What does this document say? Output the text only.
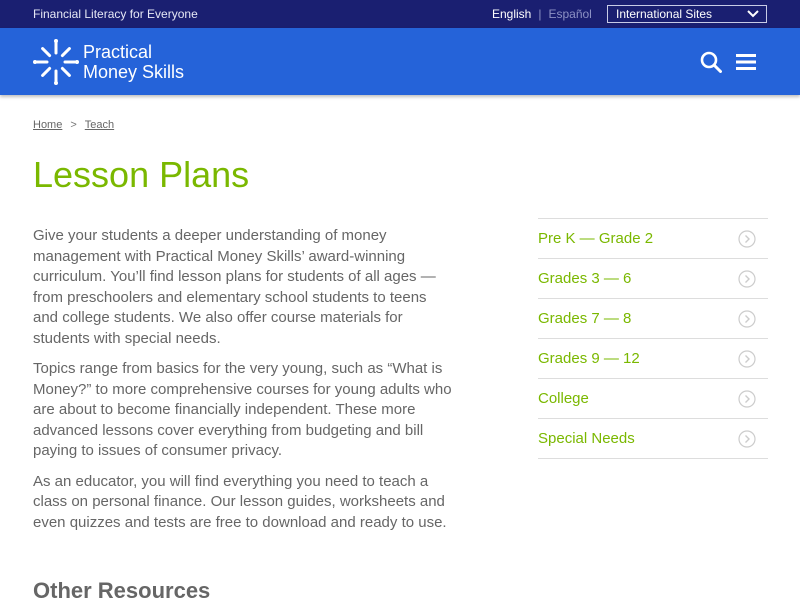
Financial Literacy for Everyone	English | Español	International Sites
Practical
Money Skills
Home > Teach
Lesson Plans

Give your students a deeper understanding of money management with Practical Money Skills’ award-winning curriculum. You’ll find lesson plans for students of all ages — from preschoolers and elementary school students to teens and college students. We also offer course materials for students with special needs.

Topics range from basics for the very young, such as “What is Money?” to more comprehensive courses for young adults who are about to become financially independent. These more advanced lessons cover everything from budgeting and bill paying to issues of consumer privacy.

As an educator, you will find everything you need to teach a class on personal finance. Our lesson guides, worksheets and even quizzes and tests are free to download and ready to use.

Other Resources
Pre K — Grade 2
Grades 3 — 6
Grades 7 — 8
Grades 9 — 12
College
Special Needs
